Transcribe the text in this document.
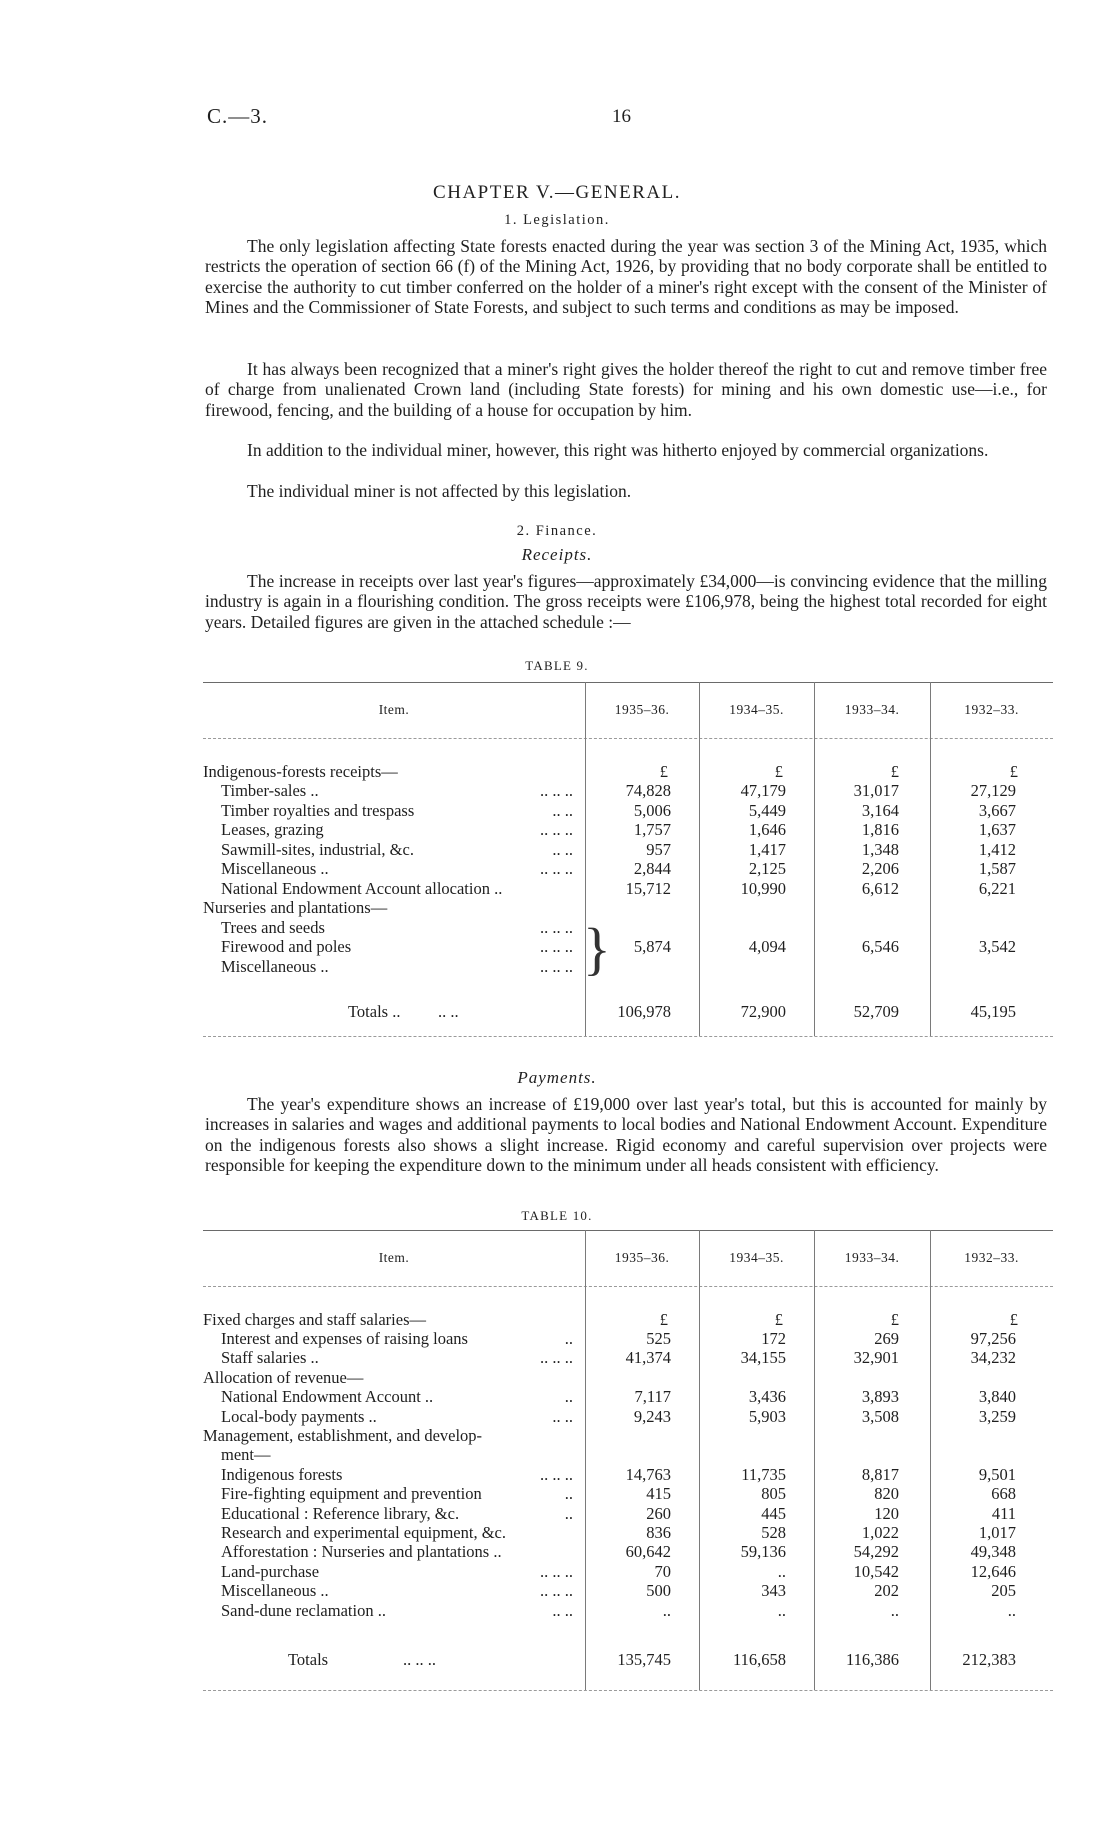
C.—3.	16
CHAPTER V.—GENERAL.
1. Legislation.

The only legislation affecting State forests enacted during the year was section 3 of the Mining Act, 1935, which restricts the operation of section 66 (f) of the Mining Act, 1926, by providing that no body corporate shall be entitled to exercise the authority to cut timber conferred on the holder of a miner's right except with the consent of the Minister of Mines and the Commissioner of State Forests, and subject to such terms and conditions as may be imposed.

It has always been recognized that a miner's right gives the holder thereof the right to cut and remove timber free of charge from unalienated Crown land (including State forests) for mining and his own domestic use—i.e., for firewood, fencing, and the building of a house for occupation by him.

In addition to the individual miner, however, this right was hitherto enjoyed by commercial organizations.

The individual miner is not affected by this legislation.

2. Finance.
Receipts.

The increase in receipts over last year's figures—approximately £34,000—is convincing evidence that the milling industry is again in a flourishing condition. The gross receipts were £106,978, being the highest total recorded for eight years. Detailed figures are given in the attached schedule :—

TABLE 9.
Item.	1935–36.	1934–35.	1933–34.	1932–33.
£	£	£	£
Indigenous-forests receipts—
Timber-sales ..	.. .. ..	74,828	47,179	31,017	27,129
Timber royalties and trespass	.. ..	5,006	5,449	3,164	3,667
Leases, grazing	.. .. ..	1,757	1,646	1,816	1,637
Sawmill-sites, industrial, &c.	.. ..	957	1,417	1,348	1,412
Miscellaneous ..	.. .. ..	2,844	2,125	2,206	1,587
National Endowment Account allocation ..	15,712	10,990	6,612	6,221
Nurseries and plantations—
Trees and seeds	.. .. ..
Firewood and poles	.. .. ..	5,874	4,094	6,546	3,542
Miscellaneous ..	.. .. .. }
Totals .. .. ..	106,978	72,900	52,709	45,195
Payments.

The year's expenditure shows an increase of £19,000 over last year's total, but this is accounted for mainly by increases in salaries and wages and additional payments to local bodies and National Endowment Account. Expenditure on the indigenous forests also shows a slight increase. Rigid economy and careful supervision over projects were responsible for keeping the expenditure down to the minimum under all heads consistent with efficiency.

TABLE 10.
Item.	1935–36.	1934–35.	1933–34.	1932–33.
£	£	£	£
Fixed charges and staff salaries—
Interest and expenses of raising loans	..	525	172	269	97,256
Staff salaries ..	.. .. ..	41,374	34,155	32,901	34,232
Allocation of revenue—
National Endowment Account ..	..	7,117	3,436	3,893	3,840
Local-body payments ..	.. ..	9,243	5,903	3,508	3,259
Management, establishment, and develop-
ment—
Indigenous forests	.. .. ..	14,763	11,735	8,817	9,501
Fire-fighting equipment and prevention	..	415	805	820	668
Educational : Reference library, &c.	..	260	445	120	411
Research and experimental equipment, &c.	836	528	1,022	1,017
Afforestation : Nurseries and plantations ..	60,642	59,136	54,292	49,348
Land-purchase	.. .. ..	70	..	10,542	12,646
Miscellaneous ..	.. .. ..	500	343	202	205
Sand-dune reclamation ..	.. ..	..	..	..	..
Totals	.. .. ..	135,745	116,658	116,386	212,383
